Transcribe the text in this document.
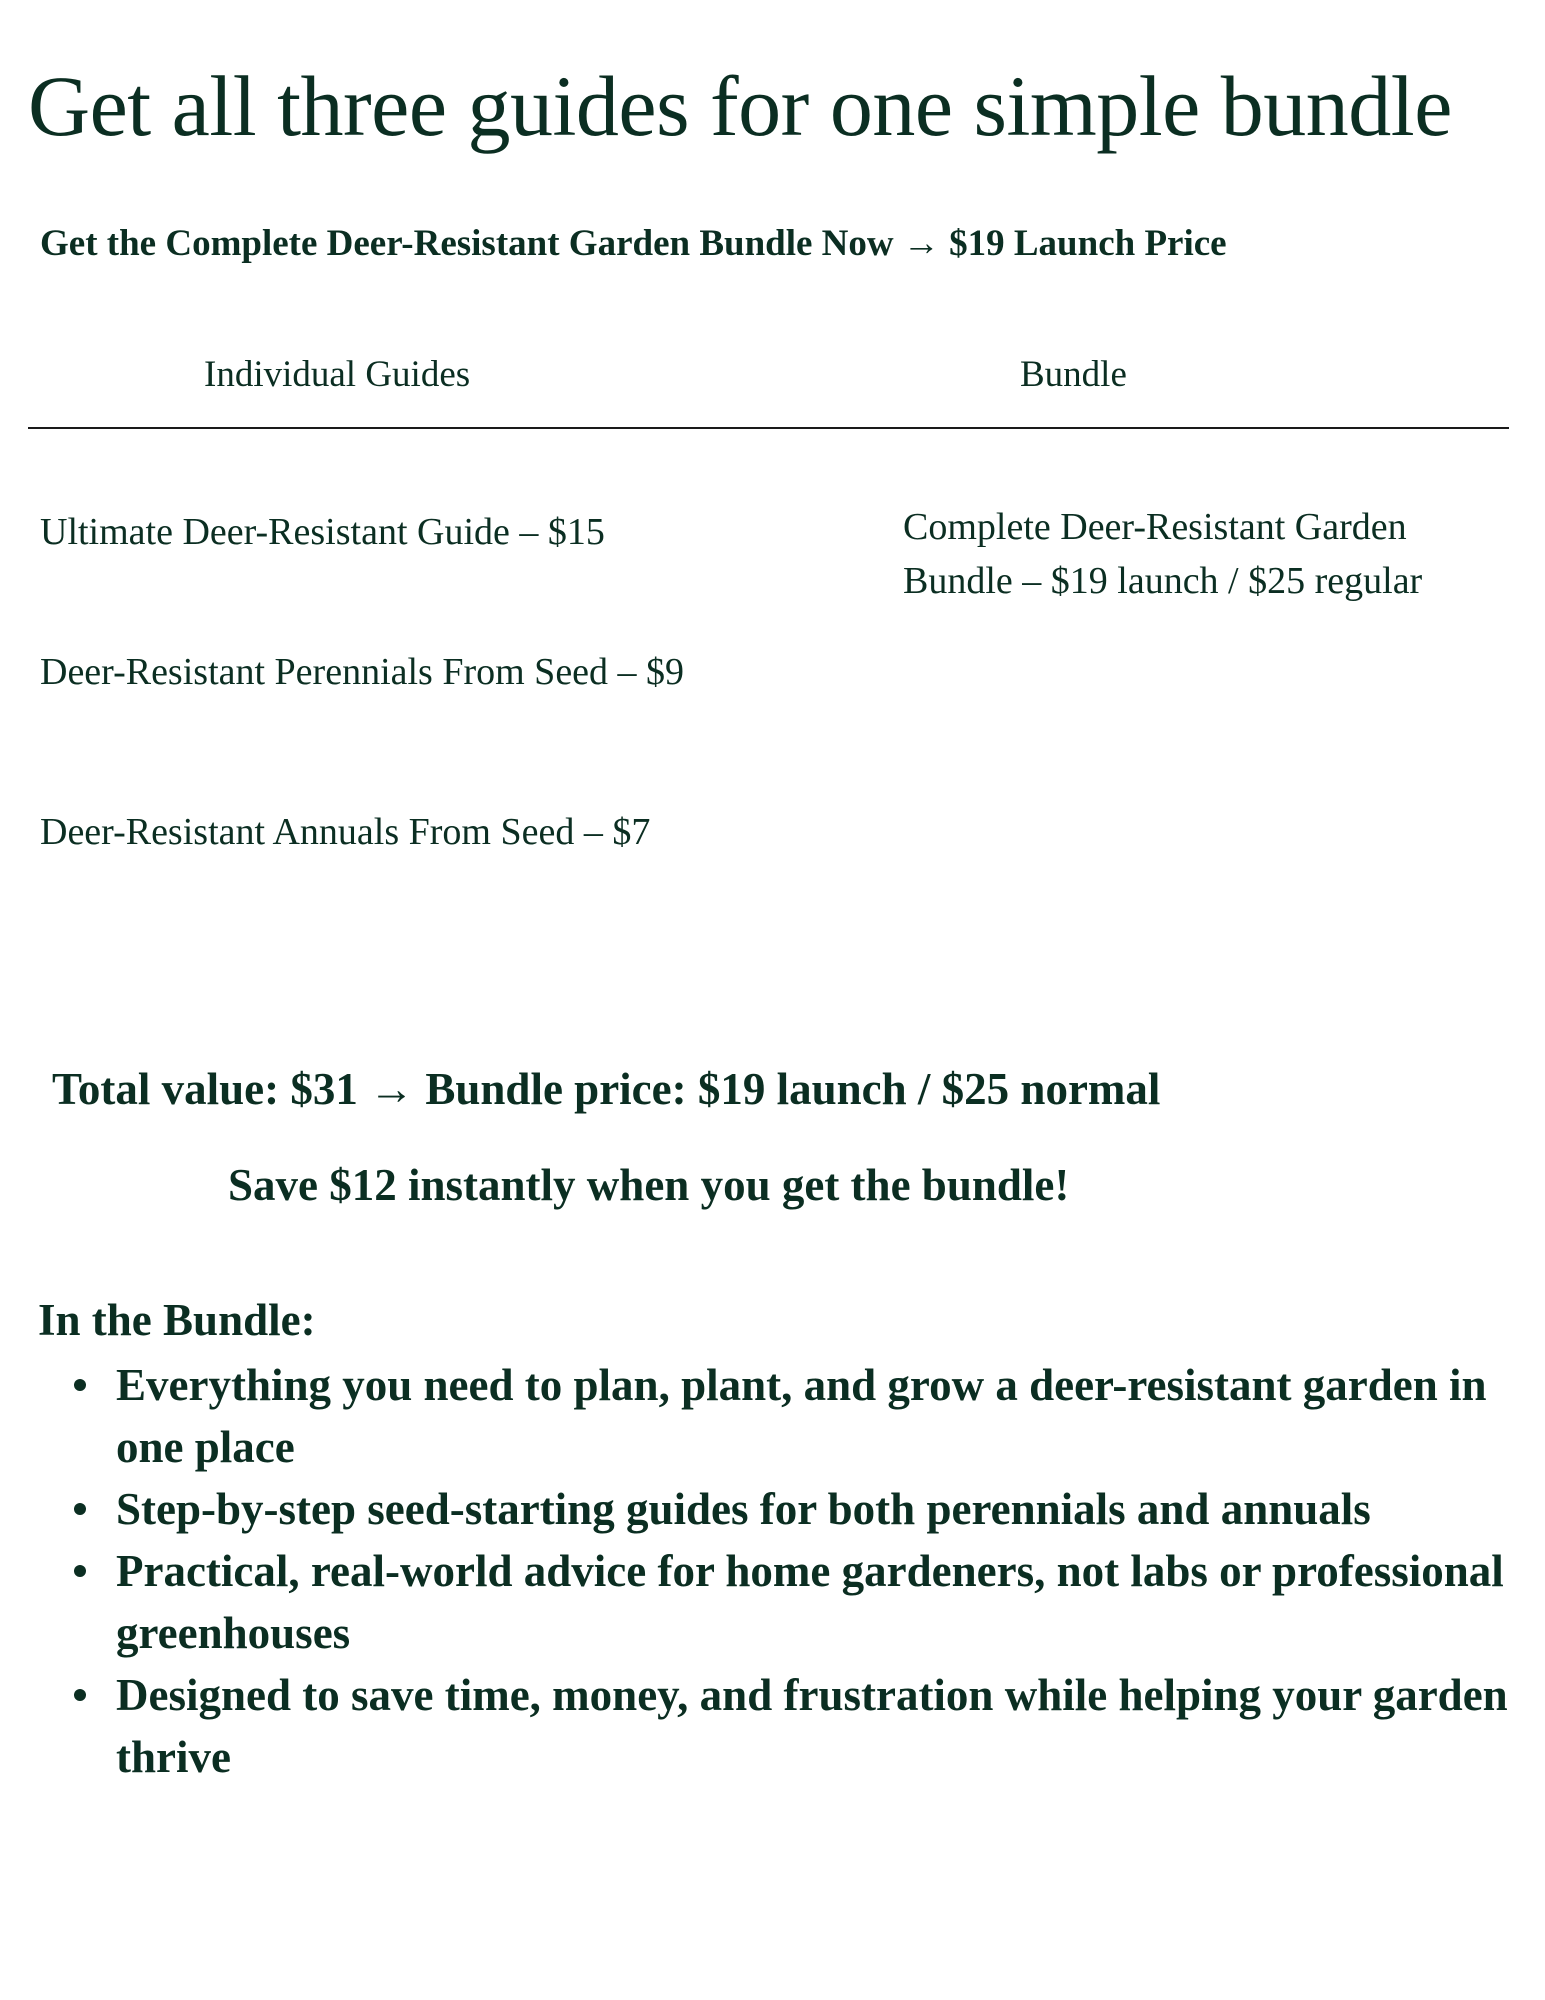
Get all three guides for one simple bundle
Get the Complete Deer-Resistant Garden Bundle Now → $19 Launch Price
Individual Guides	Bundle
Ultimate Deer-Resistant Guide – $15
Deer-Resistant Perennials From Seed – $9
Deer-Resistant Annuals From Seed – $7
Complete Deer-Resistant Garden
Bundle – $19 launch / $25 regular

Total value: $31 → Bundle price: $19 launch / $25 normal

Save $12 instantly when you get the bundle!

In the Bundle:
Everything you need to plan, plant, and grow a deer-resistant garden in one place
Step-by-step seed-starting guides for both perennials and annuals
Practical, real-world advice for home gardeners, not labs or professional greenhouses
Designed to save time, money, and frustration while helping your garden thrive
